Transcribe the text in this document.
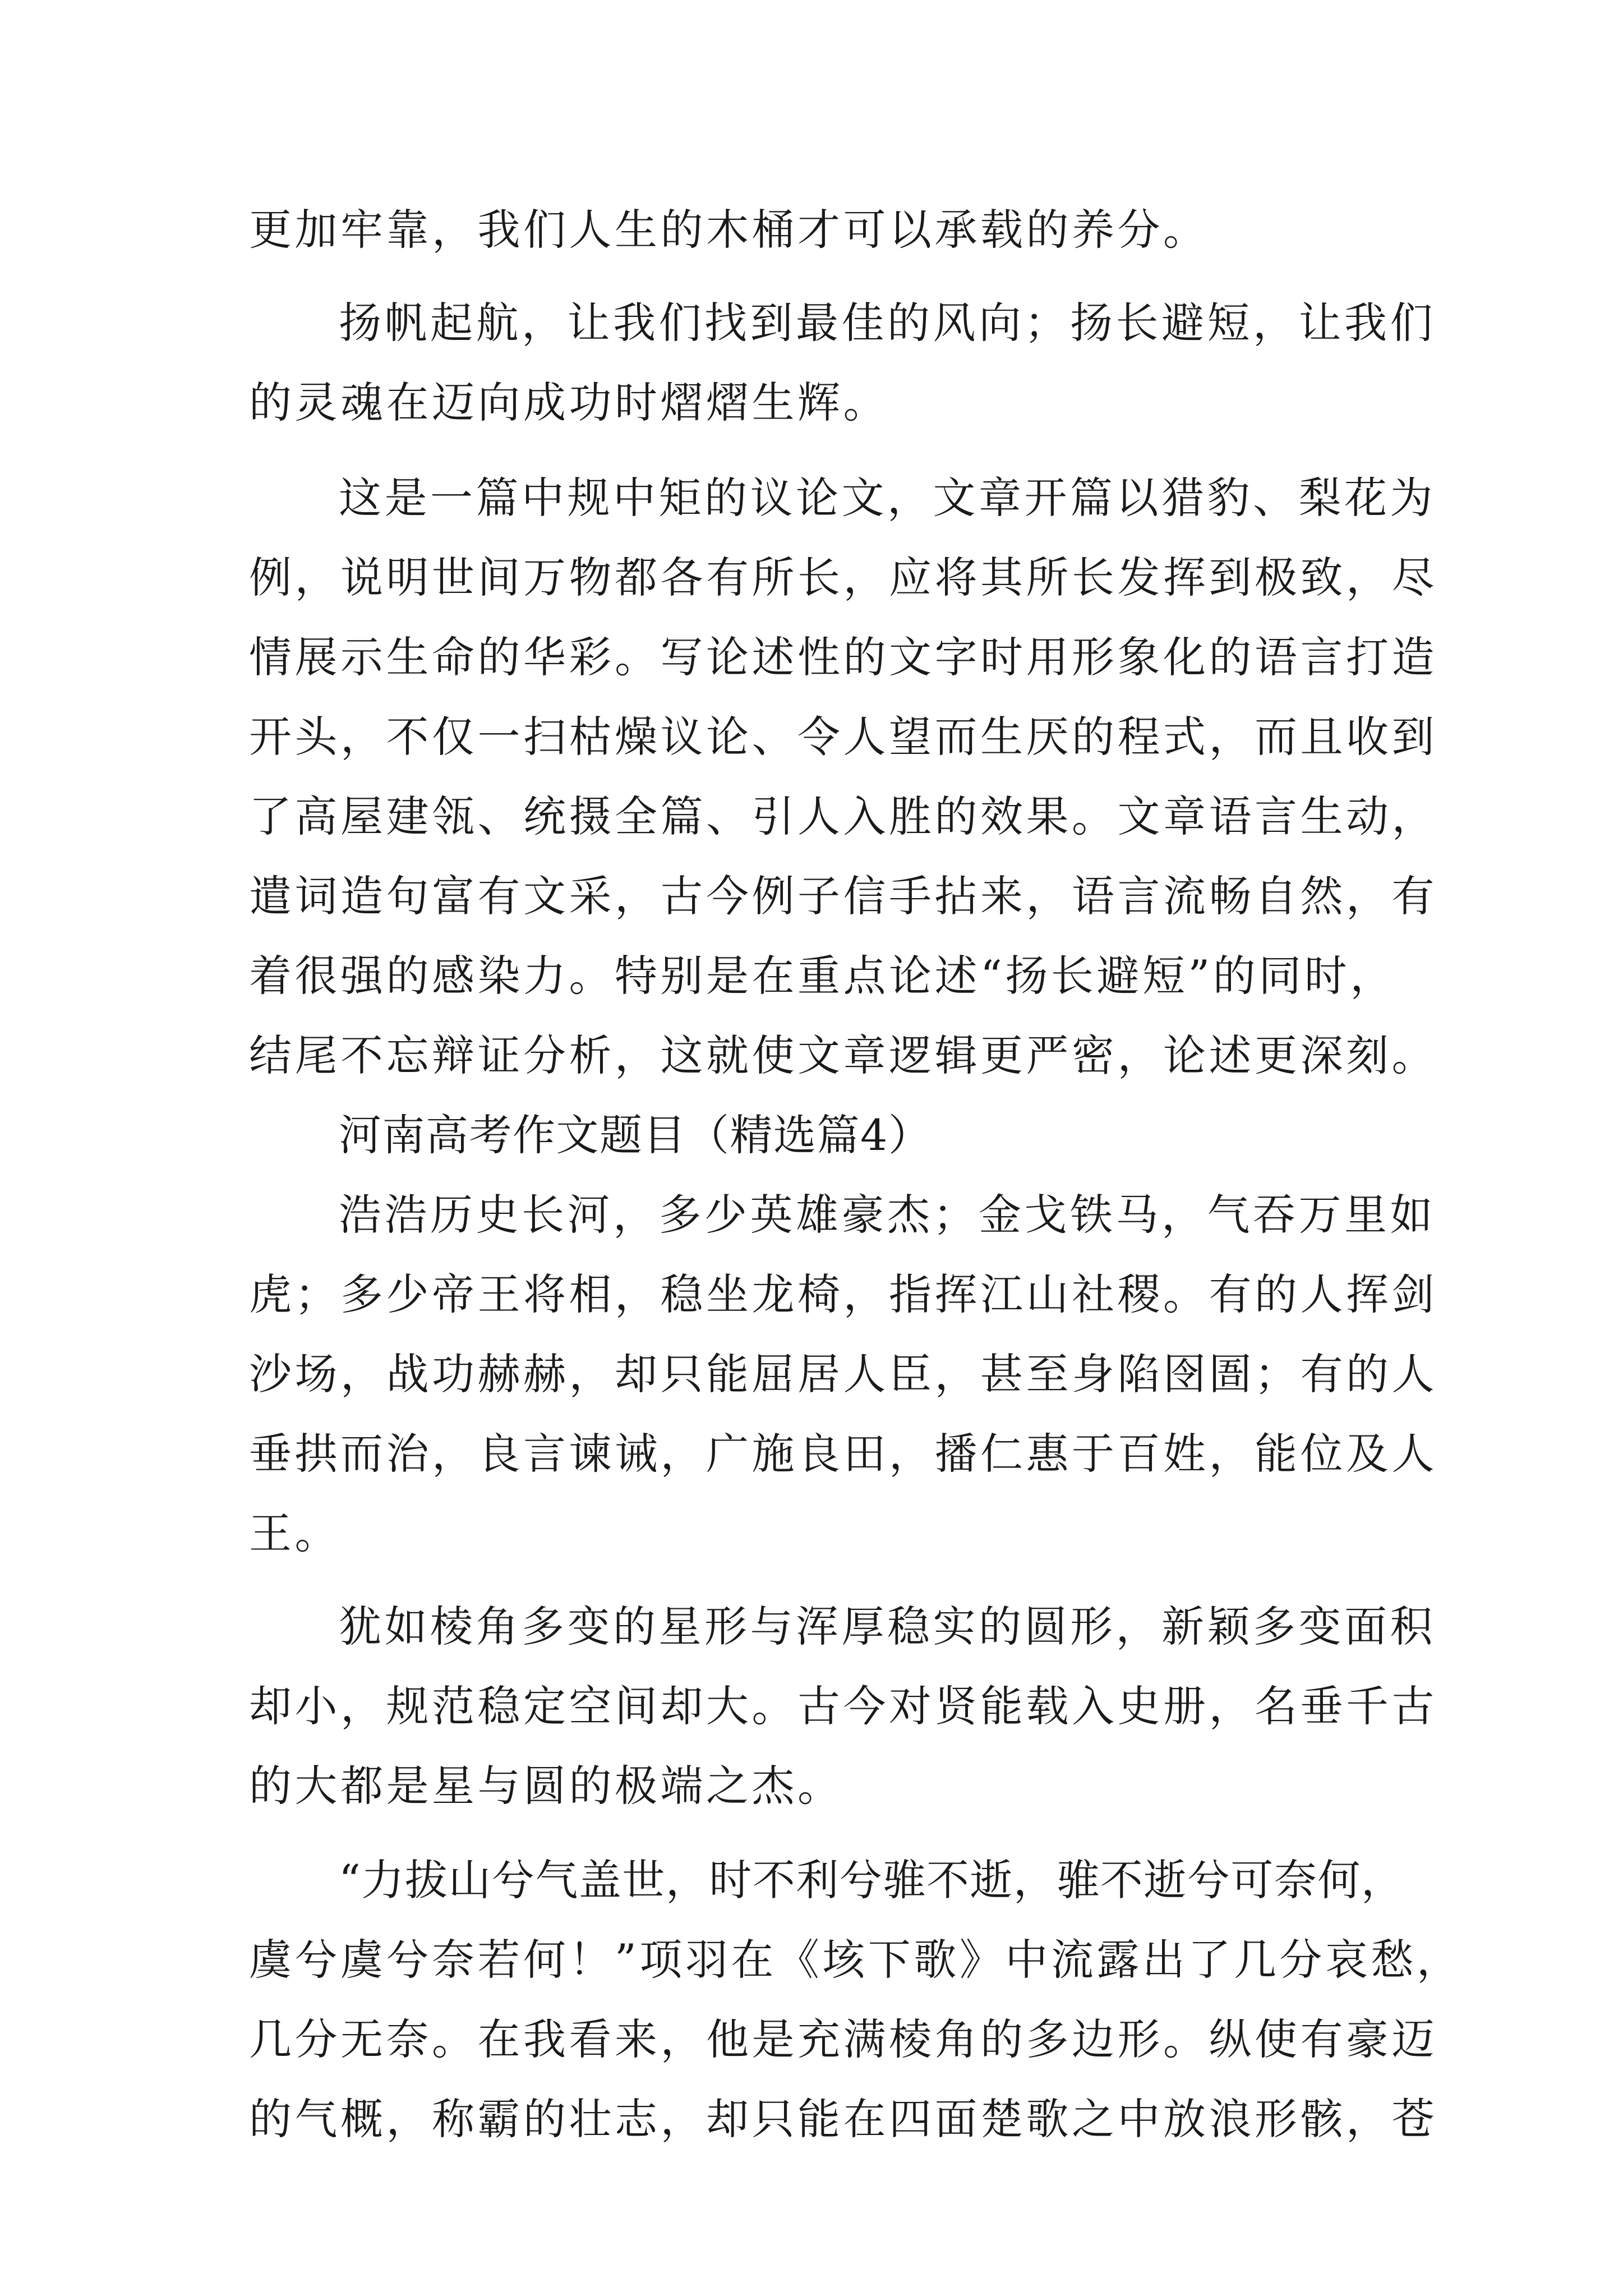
更加牢靠，我们人生的木桶才可以承载的养分。
扬帆起航，让我们找到最佳的风向；扬长避短，让我们
的灵魂在迈向成功时熠熠生辉。
这是一篇中规中矩的议论文，文章开篇以猎豹、梨花为
例，说明世间万物都各有所长，应将其所长发挥到极致，尽
情展示生命的华彩。写论述性的文字时用形象化的语言打造
开头，不仅一扫枯燥议论、令人望而生厌的程式，而且收到
了高屋建瓴、统摄全篇、引人入胜的效果。文章语言生动，
遣词造句富有文采，古今例子信手拈来，语言流畅自然，有
着很强的感染力。特别是在重点论述“扬长避短”的同时，
结尾不忘辩证分析，这就使文章逻辑更严密，论述更深刻。
河南高考作文题目（精选篇4）
浩浩历史长河，多少英雄豪杰；金戈铁马，气吞万里如
虎；多少帝王将相，稳坐龙椅，指挥江山社稷。有的人挥剑
沙场，战功赫赫，却只能屈居人臣，甚至身陷囹圄；有的人
垂拱而治，良言谏诫，广施良田，播仁惠于百姓，能位及人
王。
犹如棱角多变的星形与浑厚稳实的圆形，新颖多变面积
却小，规范稳定空间却大。古今对贤能载入史册，名垂千古
的大都是星与圆的极端之杰。
“力拔山兮气盖世，时不利兮骓不逝，骓不逝兮可奈何，
虞兮虞兮奈若何！”项羽在《垓下歌》中流露出了几分哀愁，
几分无奈。在我看来，他是充满棱角的多边形。纵使有豪迈
的气概，称霸的壮志，却只能在四面楚歌之中放浪形骸，苍
